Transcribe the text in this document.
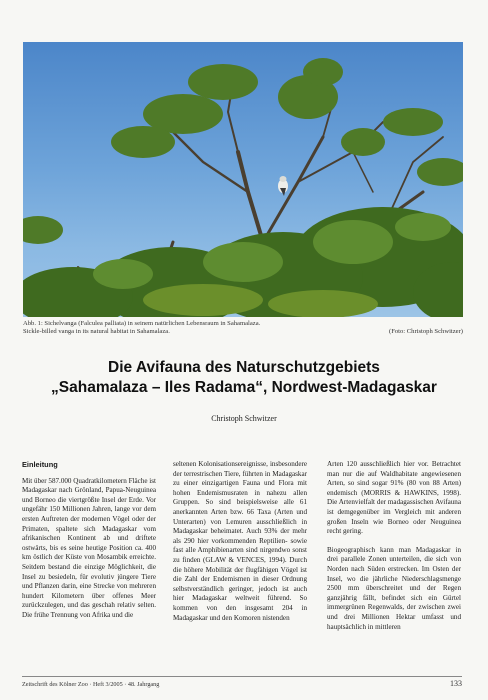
Abb. 1: Sichelvanga (Falculea palliata) in seinem natürlichen Lebensraum in Sahamalaza.
Sickle-billed vanga in its natural habitat in Sahamalaza.	(Foto: Christoph Schwitzer)
Die Avifauna des Naturschutzgebiets
„Sahamalaza – Iles Radama“, Nordwest-Madagaskar
Christoph Schwitzer

Einleitung

Mit über 587.000 Quadratkilometern Fläche ist Madagaskar nach Grönland, Papua-Neuguinea und Borneo die viertgrößte Insel der Erde. Vor ungefähr 150 Millionen Jahren, lange vor dem ersten Auftreten der modernen Vögel oder der Primaten, spaltete sich Madagaskar vom afrikanischen Kontinent ab und driftete ostwärts, bis es seine heutige Position ca. 400 km östlich der Küste von Mosambik erreichte. Seitdem bestand die einzige Möglichkeit, die Insel zu besiedeln, für evolutiv jüngere Tiere und Pflanzen darin, eine Strecke von mehreren hundert Kilometern über offenes Meer zurückzulegen, und das geschah relativ selten. Die frühe Trennung von Afrika und die

seltenen Kolonisationsereignisse, insbesondere der terrestrischen Tiere, führten in Madagaskar zu einer einzigartigen Fauna und Flora mit hohen Endemismusraten in nahezu allen Gruppen. So sind beispielsweise alle 61 anerkannten Arten bzw. 66 Taxa (Arten und Unterarten) von Lemuren ausschließlich in Madagaskar beheimatet. Auch 93% der mehr als 290 hier vorkommenden Reptilien- sowie fast alle Amphibienarten sind nirgendwo sonst zu finden (GLAW & VENCES, 1994). Durch die höhere Mobilität der flugfähigen Vögel ist die Zahl der Endemismen in dieser Ordnung selbstverständlich geringer, jedoch ist auch hier Madagaskar weltweit führend. So kommen von den insgesamt 204 in Madagaskar und den Komoren nistenden

Arten 120 ausschließlich hier vor. Betrachtet man nur die auf Waldhabitate angewiesenen Arten, so sind sogar 91% (80 von 88 Arten) endemisch (MORRIS & HAWKINS, 1998). Die Artenvielfalt der madagassischen Avifauna ist demgegenüber im Vergleich mit anderen großen Inseln wie Borneo oder Neuguinea recht gering.

Biogeographisch kann man Madagaskar in drei parallele Zonen unterteilen, die sich von Norden nach Süden erstrecken. Im Osten der Insel, wo die jährliche Niederschlagsmenge 2500 mm überschreitet und der Regen ganzjährig fällt, befindet sich ein Gürtel immergrünen Regenwalds, der zwischen zwei und drei Millionen Hektar umfasst und hauptsächlich in mittleren

Zeitschrift des Kölner Zoo · Heft 3/2005 · 48. Jahrgang	133
